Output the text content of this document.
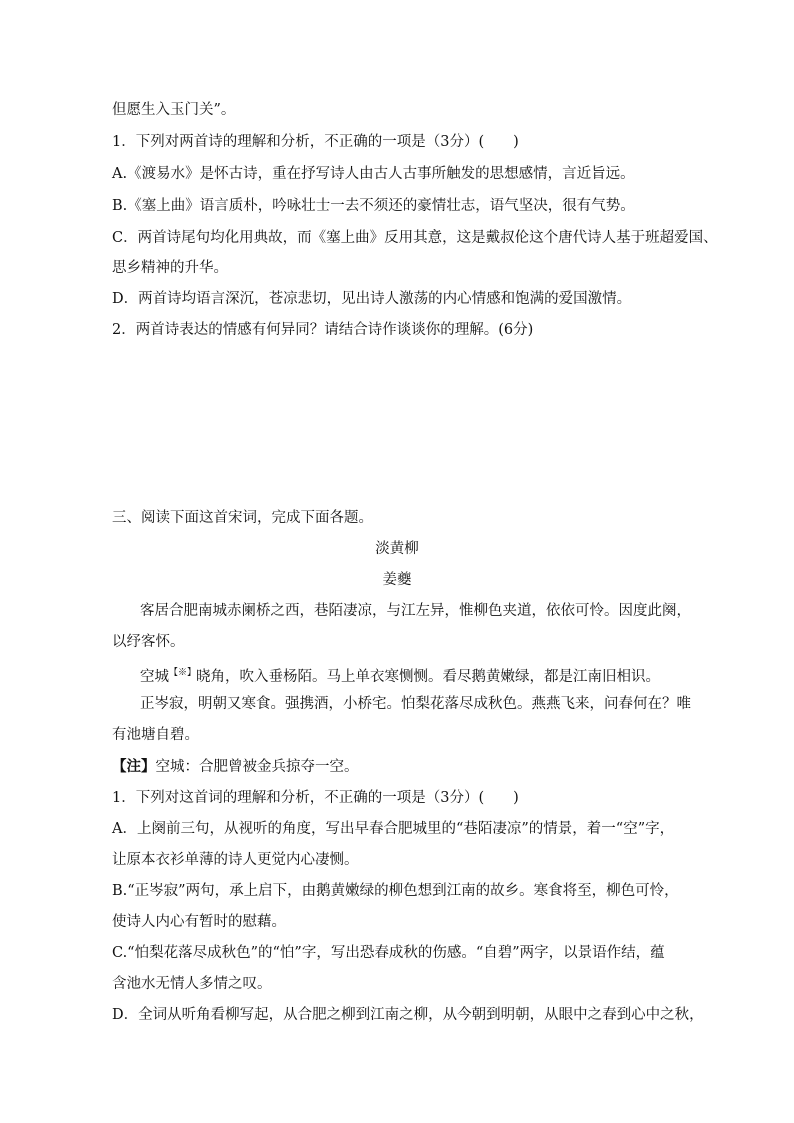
但愿生入玉门关”。
1．下列对两首诗的理解和分析，不正确的一项是（3分）(　　)
A.《渡易水》是怀古诗，重在抒写诗人由古人古事所触发的思想感情，言近旨远。
B.《塞上曲》语言质朴，吟咏壮士一去不须还的豪情壮志，语气坚决，很有气势。
C．两首诗尾句均化用典故，而《塞上曲》反用其意，这是戴叔伦这个唐代诗人基于班超爱国、
思乡精神的升华。
D．两首诗均语言深沉，苍凉悲切，见出诗人激荡的内心情感和饱满的爱国激情。
2．两首诗表达的情感有何异同？请结合诗作谈谈你的理解。(6分)
三、阅读下面这首宋词，完成下面各题。
淡黄柳
姜夔
客居合肥南城赤阑桥之西，巷陌凄凉，与江左异，惟柳色夹道，依依可怜。因度此阕，
以纾客怀。
空城【※】晓角，吹入垂杨陌。马上单衣寒恻恻。看尽鹅黄嫩绿，都是江南旧相识。
正岑寂，明朝又寒食。强携酒，小桥宅。怕梨花落尽成秋色。燕燕飞来，问春何在？唯
有池塘自碧。
【注】空城：合肥曾被金兵掠夺一空。
1．下列对这首词的理解和分析，不正确的一项是（3分）(　　)
A．上阕前三句，从视听的角度，写出早春合肥城里的“巷陌凄凉”的情景，着一“空”字，
让原本衣衫单薄的诗人更觉内心凄恻。
B.“正岑寂”两句，承上启下，由鹅黄嫩绿的柳色想到江南的故乡。寒食将至，柳色可怜，
使诗人内心有暂时的慰藉。
C.“怕梨花落尽成秋色”的“怕”字，写出恐春成秋的伤感。“自碧”两字，以景语作结，蕴
含池水无情人多情之叹。
D．全词从听角看柳写起，从合肥之柳到江南之柳，从今朝到明朝，从眼中之春到心中之秋，
